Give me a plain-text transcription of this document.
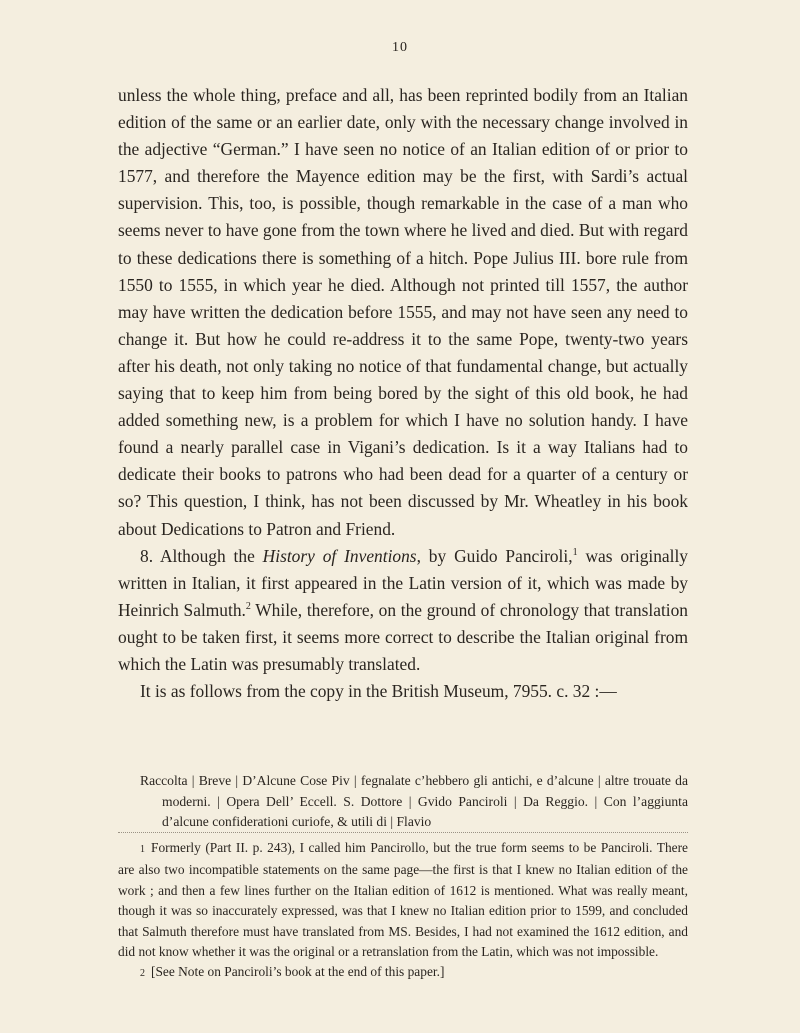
10

unless the whole thing, preface and all, has been reprinted bodily from an Italian edition of the same or an earlier date, only with the necessary change involved in the adjective “German.” I have seen no notice of an Italian edition of or prior to 1577, and therefore the Mayence edition may be the first, with Sardi’s actual supervision. This, too, is possible, though remarkable in the case of a man who seems never to have gone from the town where he lived and died. But with regard to these dedications there is something of a hitch. Pope Julius III. bore rule from 1550 to 1555, in which year he died. Although not printed till 1557, the author may have written the dedication before 1555, and may not have seen any need to change it. But how he could re-address it to the same Pope, twenty-two years after his death, not only taking no notice of that fundamental change, but actually saying that to keep him from being bored by the sight of this old book, he had added something new, is a problem for which I have no solution handy. I have found a nearly parallel case in Vigani’s dedication. Is it a way Italians had to dedicate their books to patrons who had been dead for a quarter of a century or so? This question, I think, has not been discussed by Mr. Wheatley in his book about Dedications to Patron and Friend.

8. Although the History of Inventions, by Guido Panciroli,$^1$ was originally written in Italian, it first appeared in the Latin version of it, which was made by Heinrich Salmuth.$^2$ While, therefore, on the ground of chronology that translation ought to be taken first, it seems more correct to describe the Italian original from which the Latin was presumably translated.

It is as follows from the copy in the British Museum, 7955. c. 32 :—

Raccolta | Breve | D’Alcune Cose Piv | fegnalate c’hebbero gli antichi, e d’alcune | altre trouate da moderni. | Opera Dell’ Eccell. S. Dottore | Gvido Panciroli | Da Reggio. | Con l’aggiunta d’alcune confiderationi curiofe, & utili di | Flavio

1 Formerly (Part II. p. 243), I called him Pancirollo, but the true form seems to be Panciroli. There are also two incompatible statements on the same page—the first is that I knew no Italian edition of the work ; and then a few lines further on the Italian edition of 1612 is mentioned. What was really meant, though it was so inaccurately expressed, was that I knew no Italian edition prior to 1599, and concluded that Salmuth therefore must have translated from MS. Besides, I had not examined the 1612 edition, and did not know whether it was the original or a retranslation from the Latin, which was not impossible.

2 [See Note on Panciroli’s book at the end of this paper.]
